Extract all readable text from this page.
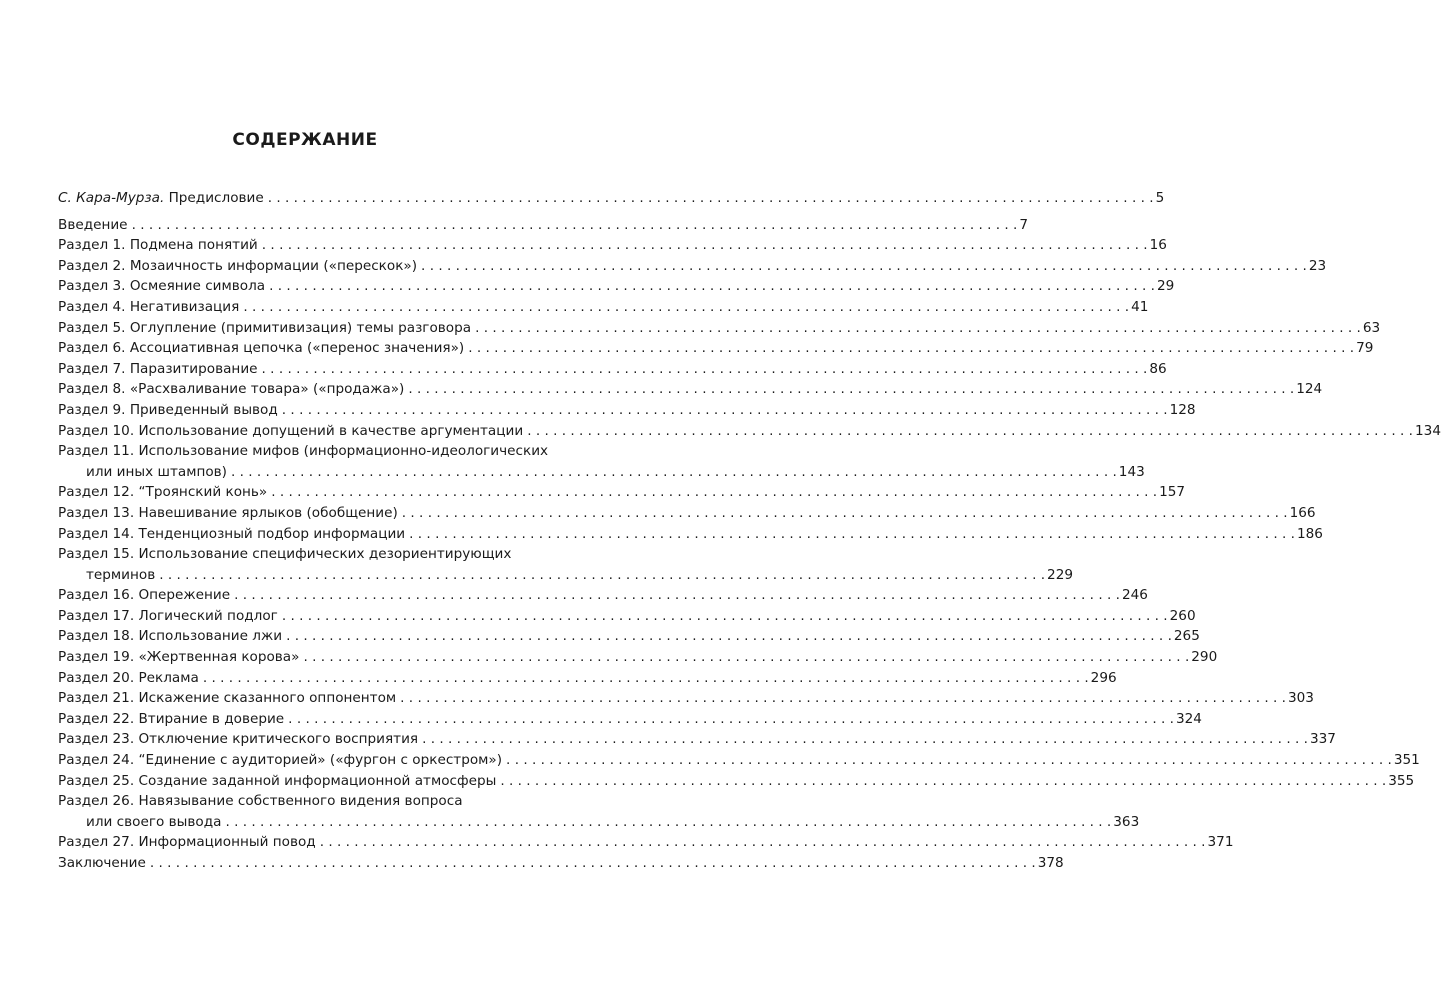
СОДЕРЖАНИЕ
С. Кара-Мурза. Предисловие . . .	5
Введение . . .	7
Раздел 1. Подмена понятий . . .	16
Раздел 2. Мозаичность информации («перескок») . . .	23
Раздел 3. Осмеяние символа . . .	29
Раздел 4. Негативизация . . .	41
Раздел 5. Оглупление (примитивизация) темы разговора . . .	63
Раздел 6. Ассоциативная цепочка («перенос значения») . . .	79
Раздел 7. Паразитирование . . .	86
Раздел 8. «Расхваливание товара» («продажа») . . .	124
Раздел 9. Приведенный вывод . . .	128
Раздел 10. Использование допущений в качестве аргументации . . .	134
Раздел 11. Использование мифов (информационно-идеологических
или иных штампов) . . .	143
Раздел 12. “Троянский конь» . . .	157
Раздел 13. Навешивание ярлыков (обобщение) . . .	166
Раздел 14. Тенденциозный подбор информации . . .	186
Раздел 15. Использование специфических дезориентирующих
терминов . . .	229
Раздел 16. Опережение . . .	246
Раздел 17. Логический подлог . . .	260
Раздел 18. Использование лжи . . .	265
Раздел 19. «Жертвенная корова» . . .	290
Раздел 20. Реклама . . .	296
Раздел 21. Искажение сказанного оппонентом . . .	303
Раздел 22. Втирание в доверие . . .	324
Раздел 23. Отключение критического восприятия . . .	337
Раздел 24. “Единение с аудиторией» («фургон с оркестром») . . .	351
Раздел 25. Создание заданной информационной атмосферы . . .	355
Раздел 26. Навязывание собственного видения вопроса
или своего вывода . . .	363
Раздел 27. Информационный повод . . .	371
Заключение . . .	378
